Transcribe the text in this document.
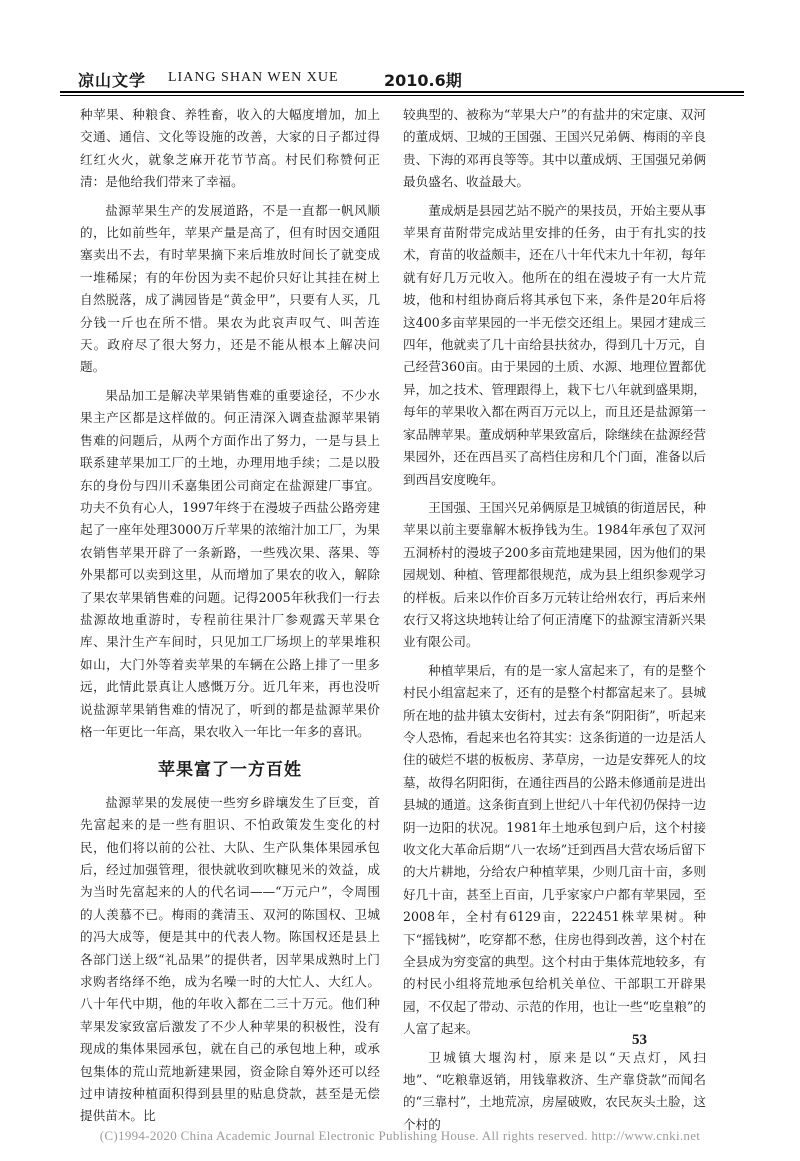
凉山文学 LIANG SHAN WEN XUE	2010.6期

种苹果、种粮食、养牲畜，收入的大幅度增加，加上交通、通信、文化等设施的改善，大家的日子都过得红红火火，就象芝麻开花节节高。村民们称赞何正清：是他给我们带来了幸福。

盐源苹果生产的发展道路，不是一直都一帆风顺的，比如前些年，苹果产量是高了，但有时因交通阻塞卖出不去，有时苹果摘下来后堆放时间长了就变成一堆稀屎；有的年份因为卖不起价只好让其挂在树上自然脱落，成了满园皆是“黄金甲”，只要有人买，几分钱一斤也在所不惜。果农为此哀声叹气、叫苦连天。政府尽了很大努力，还是不能从根本上解决问题。

果品加工是解决苹果销售难的重要途径，不少水果主产区都是这样做的。何正清深入调查盐源苹果销售难的问题后，从两个方面作出了努力，一是与县上联系建苹果加工厂的土地，办理用地手续；二是以股东的身份与四川禾嘉集团公司商定在盐源建厂事宜。功夫不负有心人，1997年终于在漫坡子西盐公路旁建起了一座年处理3000万斤苹果的浓缩汁加工厂，为果农销售苹果开辟了一条新路，一些残次果、落果、等外果都可以卖到这里，从而增加了果农的收入，解除了果农苹果销售难的问题。记得2005年秋我们一行去盐源故地重游时，专程前往果汁厂参观露天苹果仓库、果汁生产车间时，只见加工厂场坝上的苹果堆积如山，大门外等着卖苹果的车辆在公路上排了一里多远，此情此景真让人感慨万分。近几年来，再也没听说盐源苹果销售难的情况了，听到的都是盐源苹果价格一年更比一年高，果农收入一年比一年多的喜讯。

苹果富了一方百姓

盐源苹果的发展使一些穷乡辟壤发生了巨变，首先富起来的是一些有胆识、不怕政策发生变化的村民，他们将以前的公社、大队、生产队集体果园承包后，经过加强管理，很快就收到吹糠见米的效益，成为当时先富起来的人的代名词——“万元户”，令周围的人羡慕不已。梅雨的龚清玉、双河的陈国权、卫城的冯大成等，便是其中的代表人物。陈国权还是县上各部门送上级“礼品果”的提供者，因苹果成熟时上门求购者络绎不绝，成为名噪一时的大忙人、大红人。八十年代中期，他的年收入都在二三十万元。他们种苹果发家致富后激发了不少人种苹果的积极性，没有现成的集体果园承包，就在自己的承包地上种，或承包集体的荒山荒地新建果园，资金除自筹外还可以经过申请按种植面积得到县里的贴息贷款，甚至是无偿提供苗木。比

较典型的、被称为“苹果大户”的有盐井的宋定康、双河的董成炳、卫城的王国强、王国兴兄弟俩、梅雨的辛良贵、下海的邓再良等等。其中以董成炳、王国强兄弟俩最负盛名、收益最大。

董成炳是县园艺站不脱产的果技员，开始主要从事苹果育苗附带完成站里安排的任务，由于有扎实的技术，育苗的收益颇丰，还在八十年代末九十年初，每年就有好几万元收入。他所在的组在漫坡子有一大片荒坡，他和村组协商后将其承包下来，条件是20年后将这400多亩苹果园的一半无偿交还组上。果园才建成三四年，他就卖了几十亩给县扶贫办，得到几十万元，自己经营360亩。由于果园的土质、水源、地理位置都优异，加之技术、管理跟得上，栽下七八年就到盛果期，每年的苹果收入都在两百万元以上，而且还是盐源第一家品牌苹果。董成炳种苹果致富后，除继续在盐源经营果园外，还在西昌买了高档住房和几个门面，准备以后到西昌安度晚年。

王国强、王国兴兄弟俩原是卫城镇的街道居民，种苹果以前主要靠解木板挣钱为生。1984年承包了双河五洞桥村的漫坡子200多亩荒地建果园，因为他们的果园规划、种植、管理都很规范，成为县上组织参观学习的样板。后来以作价百多万元转让给州农行，再后来州农行又将这块地转让给了何正清麾下的盐源宝清新兴果业有限公司。

种植苹果后，有的是一家人富起来了，有的是整个村民小组富起来了，还有的是整个村都富起来了。县城所在地的盐井镇太安街村，过去有条“阴阳街”，听起来令人恐怖，看起来也名符其实：这条街道的一边是活人住的破烂不堪的板板房、茅草房，一边是安葬死人的坟墓，故得名阴阳街，在通往西昌的公路未修通前是进出县城的通道。这条街直到上世纪八十年代初仍保持一边阴一边阳的状况。1981年土地承包到户后，这个村接收文化大革命后期“八一农场”迁到西昌大营农场后留下的大片耕地，分给农户种植苹果，少则几亩十亩，多则好几十亩，甚至上百亩，几乎家家户户都有苹果园，至2008年，全村有6129亩，222451株苹果树。种下“摇钱树”，吃穿都不愁，住房也得到改善，这个村在全县成为穷变富的典型。这个村由于集体荒地较多，有的村民小组将荒地承包给机关单位、干部职工开辟果园，不仅起了带动、示范的作用，也让一些“吃皇粮”的人富了起来。

卫城镇大堰沟村，原来是以“天点灯，风扫地”、“吃粮靠返销，用钱靠救济、生产靠贷款”而闻名的“三靠村”，土地荒凉，房屋破败，农民灰头土脸，这个村的

53
(C)1994-2020 China Academic Journal Electronic Publishing House. All rights reserved. http://www.cnki.net
